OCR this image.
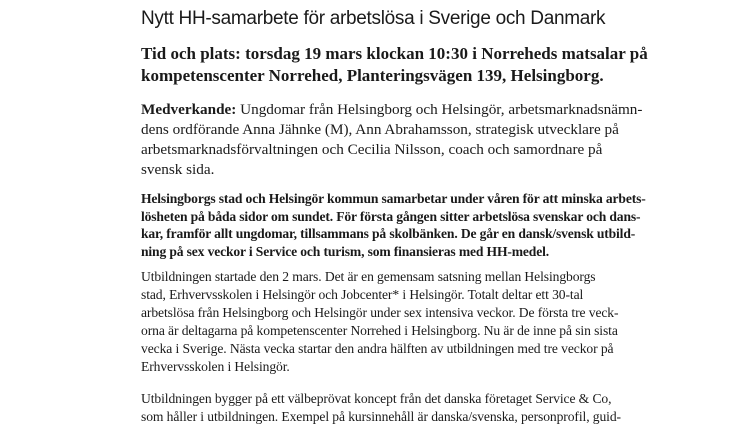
Nytt HH-samarbete för arbetslösa i Sverige och Danmark
Tid och plats: torsdag 19 mars klockan 10:30 i Norreheds matsalar på
kompetenscenter Norrehed, Planteringsvägen 139, Helsingborg.
Medverkande: Ungdomar från Helsingborg och Helsingör, arbetsmarknadsnämn-
dens ordförande Anna Jähnke (M), Ann Abrahamsson, strategisk utvecklare på
arbetsmarknadsförvaltningen och Cecilia Nilsson, coach och samordnare på
svensk sida.
Helsingborgs stad och Helsingör kommun samarbetar under våren för att minska arbets-
lösheten på båda sidor om sundet. För första gången sitter arbetslösa svenskar och dans-
kar, framför allt ungdomar, tillsammans på skolbänken. De går en dansk/svensk utbild-
ning på sex veckor i Service och turism, som finansieras med HH-medel.
Utbildningen startade den 2 mars. Det är en gemensam satsning mellan Helsingborgs
stad, Erhvervsskolen i Helsingör och Jobcenter* i Helsingör. Totalt deltar ett 30-tal
arbetslösa från Helsingborg och Helsingör under sex intensiva veckor. De första tre veck-
orna är deltagarna på kompetenscenter Norrehed i Helsingborg. Nu är de inne på sin sista
vecka i Sverige. Nästa vecka startar den andra hälften av utbildningen med tre veckor på
Erhvervsskolen i Helsingör.
Utbildningen bygger på ett välbeprövat koncept från det danska företaget Service & Co,
som håller i utbildningen. Exempel på kursinnehåll är danska/svenska, personprofil, guid-
